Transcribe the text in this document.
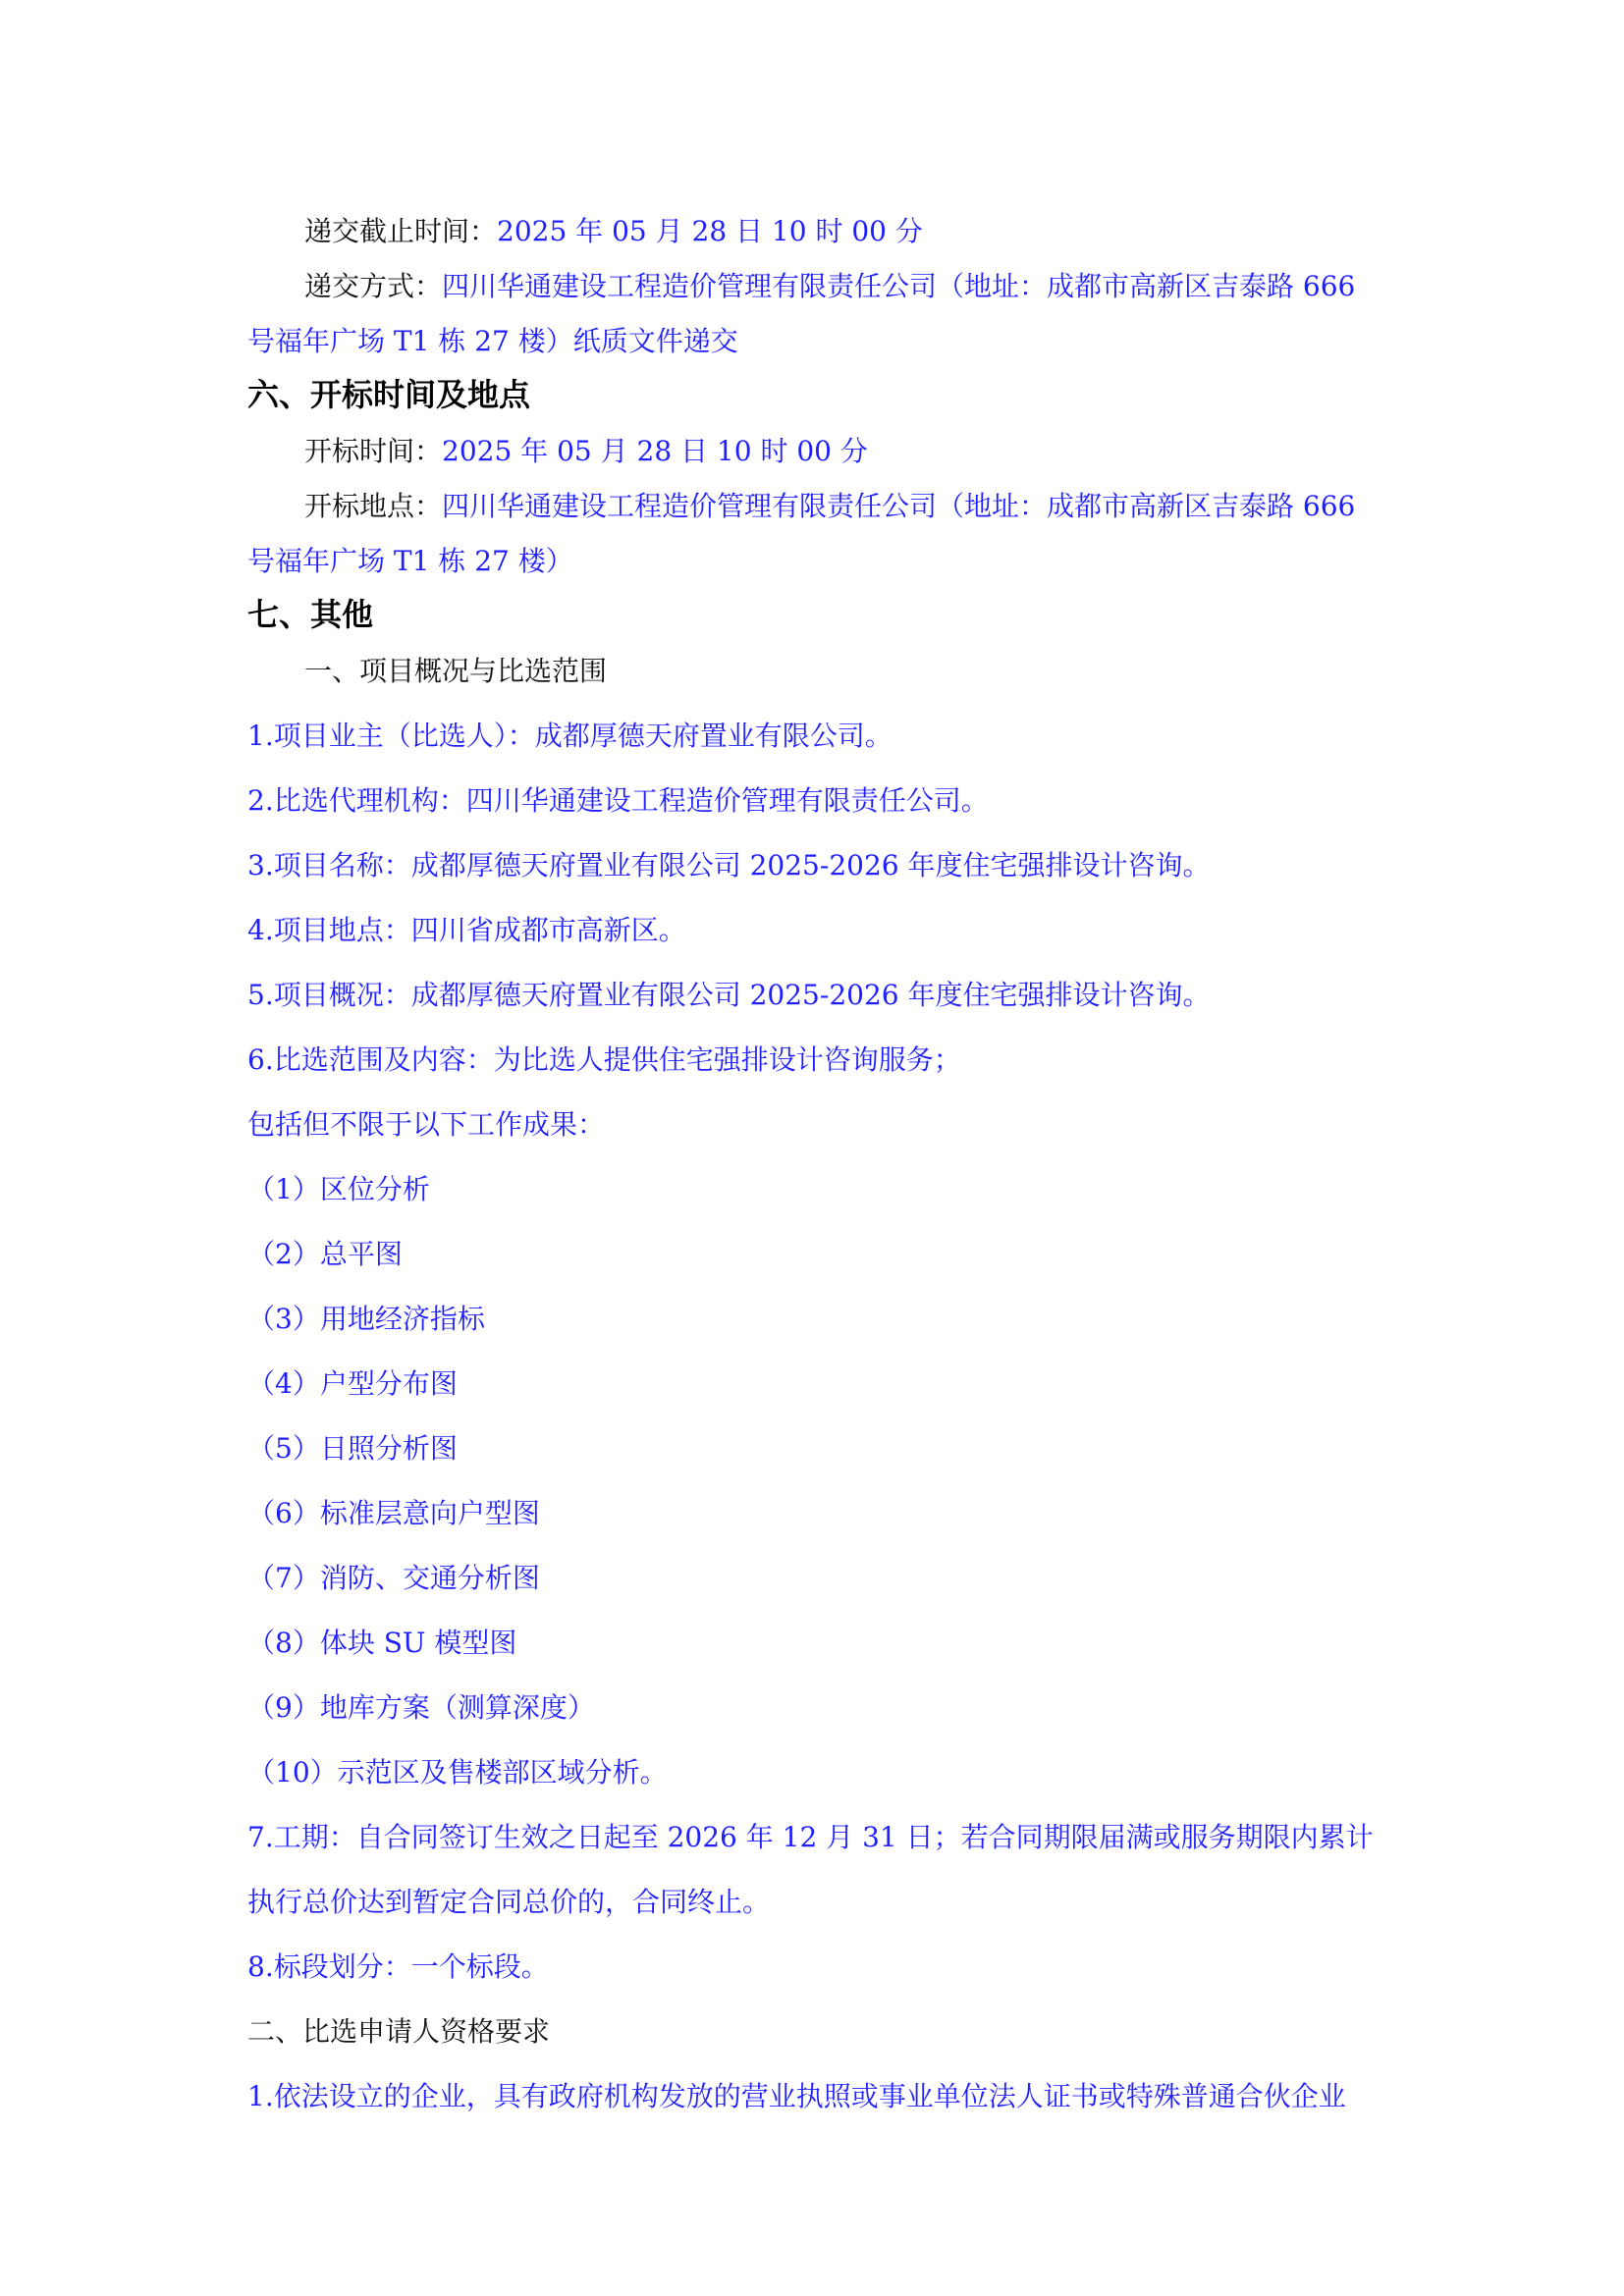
递交截止时间：2025 年 05 月 28 日 10 时 00 分
递交方式：四川华通建设工程造价管理有限责任公司（地址：成都市高新区吉泰路 666
号福年广场 T1 栋 27 楼）纸质文件递交
六、开标时间及地点
开标时间：2025 年 05 月 28 日 10 时 00 分
开标地点：四川华通建设工程造价管理有限责任公司（地址：成都市高新区吉泰路 666
号福年广场 T1 栋 27 楼）
七、其他
一、项目概况与比选范围
1.项目业主（比选人）：成都厚德天府置业有限公司。
2.比选代理机构：四川华通建设工程造价管理有限责任公司。
3.项目名称：成都厚德天府置业有限公司 2025-2026 年度住宅强排设计咨询。
4.项目地点：四川省成都市高新区。
5.项目概况：成都厚德天府置业有限公司 2025-2026 年度住宅强排设计咨询。
6.比选范围及内容：为比选人提供住宅强排设计咨询服务；
包括但不限于以下工作成果：
（1）区位分析
（2）总平图
（3）用地经济指标
（4）户型分布图
（5）日照分析图
（6）标准层意向户型图
（7）消防、交通分析图
（8）体块 SU 模型图
（9）地库方案（测算深度）
（10）示范区及售楼部区域分析。
7.工期：自合同签订生效之日起至 2026 年 12 月 31 日；若合同期限届满或服务期限内累计
执行总价达到暂定合同总价的，合同终止。
8.标段划分：一个标段。
二、比选申请人资格要求
1.依法设立的企业，具有政府机构发放的营业执照或事业单位法人证书或特殊普通合伙企业
